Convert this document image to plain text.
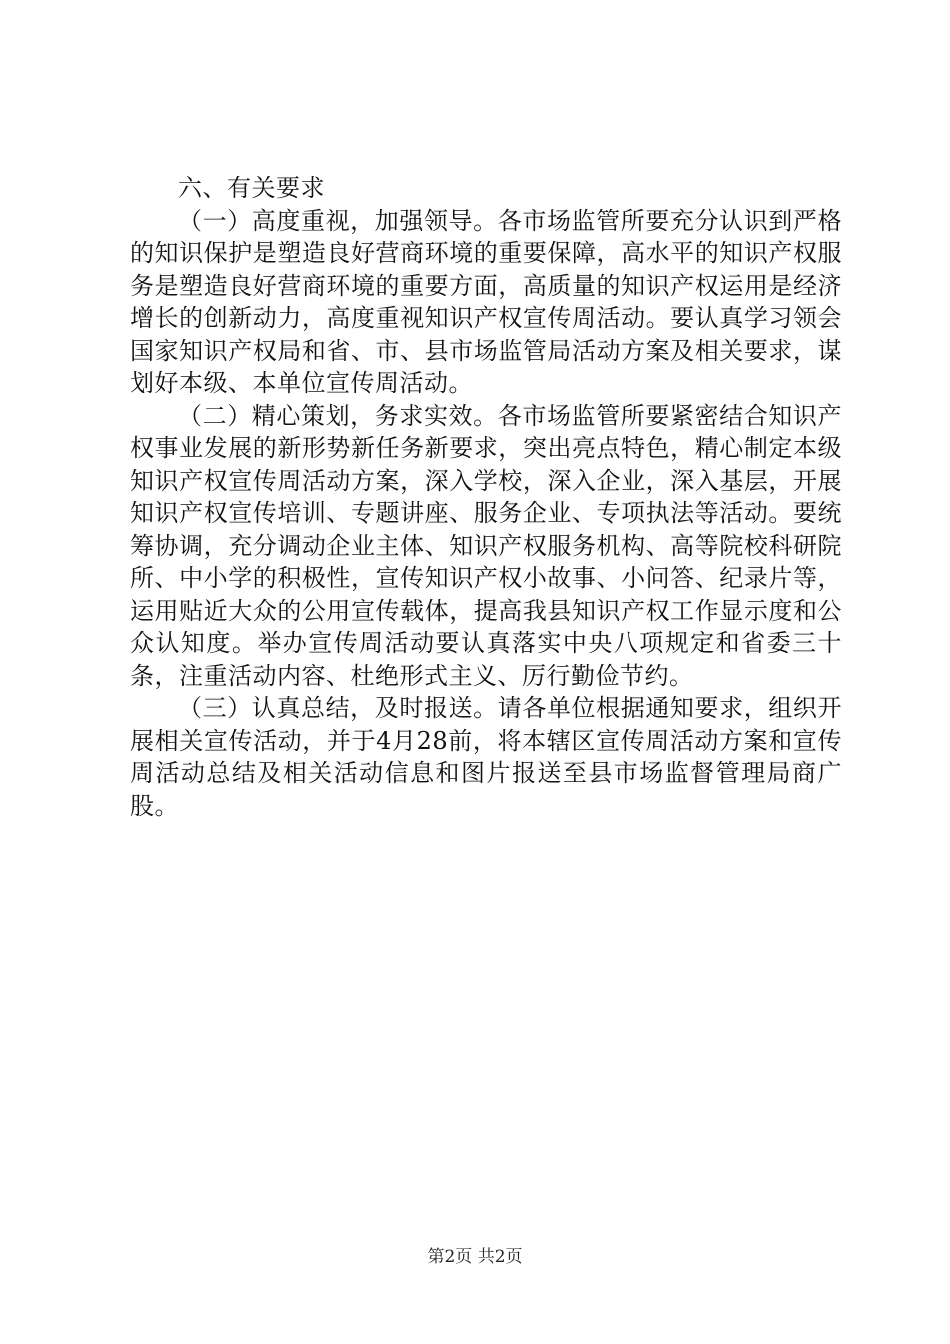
六、有关要求

（一）高度重视，加强领导。各市场监管所要充分认识到严格的知识保护是塑造良好营商环境的重要保障，高水平的知识产权服务是塑造良好营商环境的重要方面，高质量的知识产权运用是经济增长的创新动力，高度重视知识产权宣传周活动。要认真学习领会国家知识产权局和省、市、县市场监管局活动方案及相关要求，谋划好本级、本单位宣传周活动。

（二）精心策划，务求实效。各市场监管所要紧密结合知识产权事业发展的新形势新任务新要求，突出亮点特色，精心制定本级知识产权宣传周活动方案，深入学校，深入企业，深入基层，开展知识产权宣传培训、专题讲座、服务企业、专项执法等活动。要统筹协调，充分调动企业主体、知识产权服务机构、高等院校科研院所、中小学的积极性，宣传知识产权小故事、小问答、纪录片等，运用贴近大众的公用宣传载体，提高我县知识产权工作显示度和公众认知度。举办宣传周活动要认真落实中央八项规定和省委三十条，注重活动内容、杜绝形式主义、厉行勤俭节约。

（三）认真总结，及时报送。请各单位根据通知要求，组织开展相关宣传活动，并于4月28前，将本辖区宣传周活动方案和宣传周活动总结及相关活动信息和图片报送至县市场监督管理局商广股。

第2页 共2页
